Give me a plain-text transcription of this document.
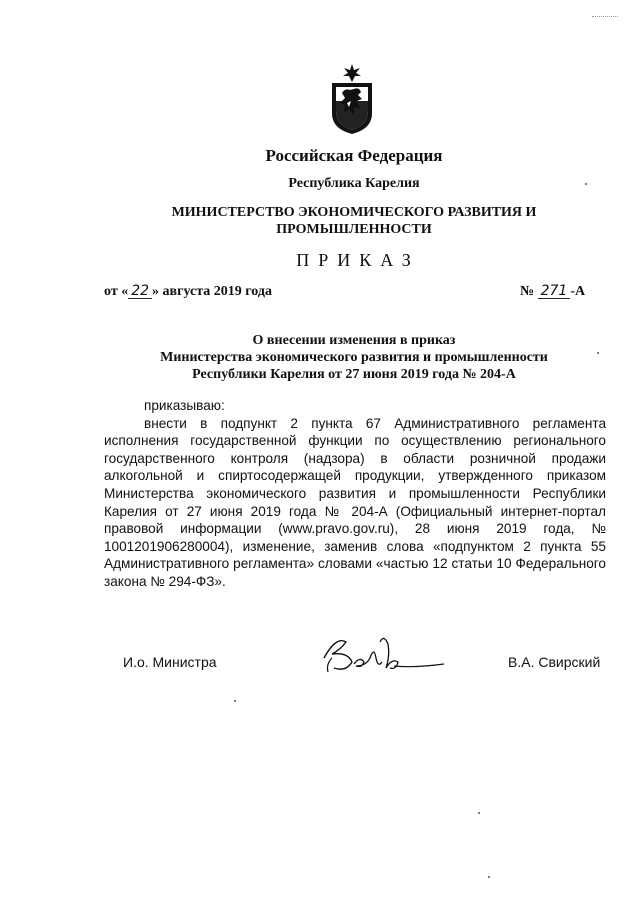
Российская Федерация
Республика Карелия
МИНИСТЕРСТВО ЭКОНОМИЧЕСКОГО РАЗВИТИЯ И
ПРОМЫШЛЕННОСТИ
ПРИКАЗ
от « 22 » августа 2019 года	№ 271 -А
О внесении изменения в приказ
Министерства экономического развития и промышленности
Республики Карелия от 27 июня 2019 года № 204-А

приказываю:

внести в подпункт 2 пункта 67 Административного регламента исполнения государственной функции по осуществлению регионального государственного контроля (надзора) в области розничной продажи алкогольной и спиртосодержащей продукции, утвержденного приказом Министерства экономического развития и промышленности Республики Карелия от 27 июня 2019 года № 204-А (Официальный интернет-портал правовой информации (www.pravo.gov.ru), 28 июня 2019 года, № 1001201906280004), изменение, заменив слова «подпунктом 2 пункта 55 Административного регламента» словами «частью 12 статьи 10 Федерального закона № 294-ФЗ».

И.о. Министра	В.А. Свирский
